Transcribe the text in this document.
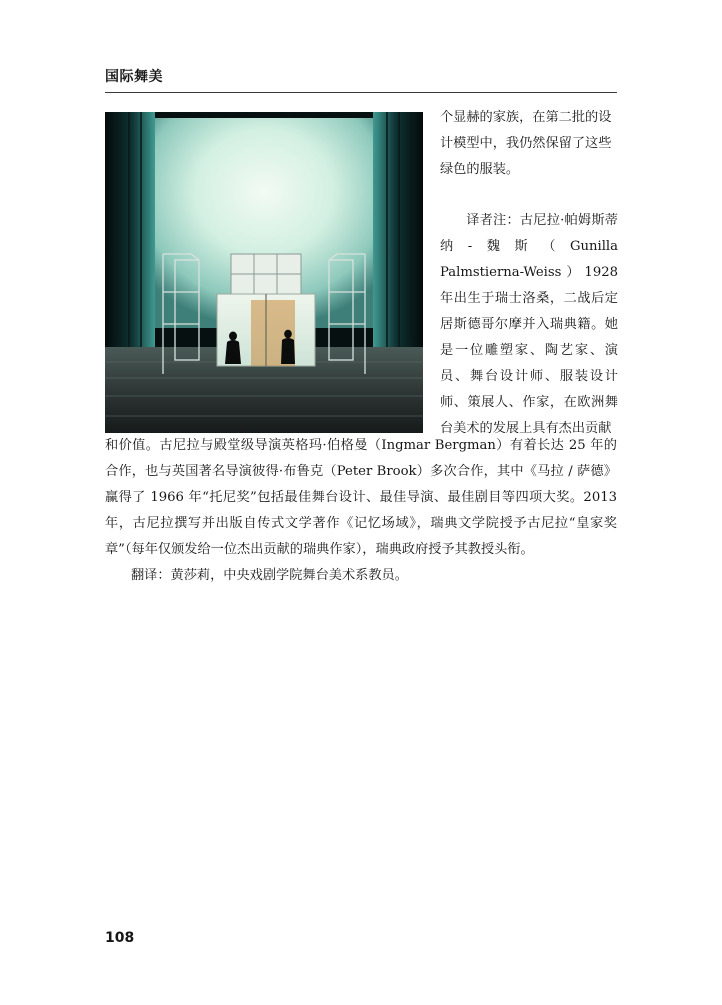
国际舞美
个显赫的家族，在第二批的设计模型中，我仍然保留了这些绿色的服装。
译者注：古尼拉·帕姆斯蒂纳-魏斯（Gunilla Palmstierna-Weiss）1928年出生于瑞士洛桑，二战后定居斯德哥尔摩并入瑞典籍。她是一位雕塑家、陶艺家、演员、舞台设计师、服装设计师、策展人、作家，在欧洲舞台美术的发展上具有杰出贡献
和价值。古尼拉与殿堂级导演英格玛·伯格曼（Ingmar Bergman）有着长达 25 年的合作，也与英国著名导演彼得·布鲁克（Peter Brook）多次合作，其中《马拉 / 萨德》赢得了 1966 年“托尼奖”包括最佳舞台设计、最佳导演、最佳剧目等四项大奖。2013 年，古尼拉撰写并出版自传式文学著作《记忆场域》，瑞典文学院授予古尼拉“皇家奖章”（每年仅颁发给一位杰出贡献的瑞典作家），瑞典政府授予其教授头衔。
翻译：黄莎莉，中央戏剧学院舞台美术系教员。
108
